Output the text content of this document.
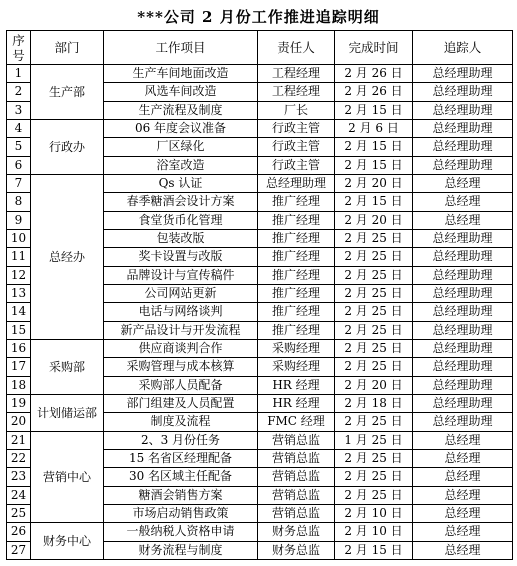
***公司 2 月份工作推进追踪明细
序号	部门	工作项目	责任人	完成时间	追踪人
1	生产部	生产车间地面改造	工程经理	2 月 26 日	总经理助理
2		风选车间改造	工程经理	2 月 26 日	总经理助理
3		生产流程及制度	厂长	2 月 15 日	总经理助理
4	行政办	06 年度会议准备	行政主管	2 月 6 日	总经理助理
5		厂区绿化	行政主管	2 月 15 日	总经理助理
6		浴室改造	行政主管	2 月 15 日	总经理助理
7	总经办	Qs 认证	总经理助理	2 月 20 日	总经理
8		春季糖酒会设计方案	推广经理	2 月 15 日	总经理
9		食堂货币化管理	推广经理	2 月 20 日	总经理
10		包装改版	推广经理	2 月 25 日	总经理助理
11		奖卡设置与改版	推广经理	2 月 25 日	总经理助理
12		品牌设计与宣传稿件	推广经理	2 月 25 日	总经理助理
13		公司网站更新	推广经理	2 月 25 日	总经理助理
14		电话与网络谈判	推广经理	2 月 25 日	总经理助理
15		新产品设计与开发流程	推广经理	2 月 25 日	总经理助理
16	采购部	供应商谈判合作	采购经理	2 月 25 日	总经理助理
17		采购管理与成本核算	采购经理	2 月 25 日	总经理助理
18		采购部人员配备	HR 经理	2 月 20 日	总经理助理
19	计划储运部	部门组建及人员配置	HR 经理	2 月 18 日	总经理助理
20		制度及流程	FMC 经理	2 月 25 日	总经理助理
21	营销中心	2、3 月份任务	营销总监	1 月 25 日	总经理
22		15 名省区经理配备	营销总监	2 月 25 日	总经理
23		30 名区域主任配备	营销总监	2 月 25 日	总经理
24		糖酒会销售方案	营销总监	2 月 25 日	总经理
25		市场启动销售政策	营销总监	2 月 10 日	总经理
26	财务中心	一般纳税人资格申请	财务总监	2 月 10 日	总经理
27		财务流程与制度	财务总监	2 月 15 日	总经理
